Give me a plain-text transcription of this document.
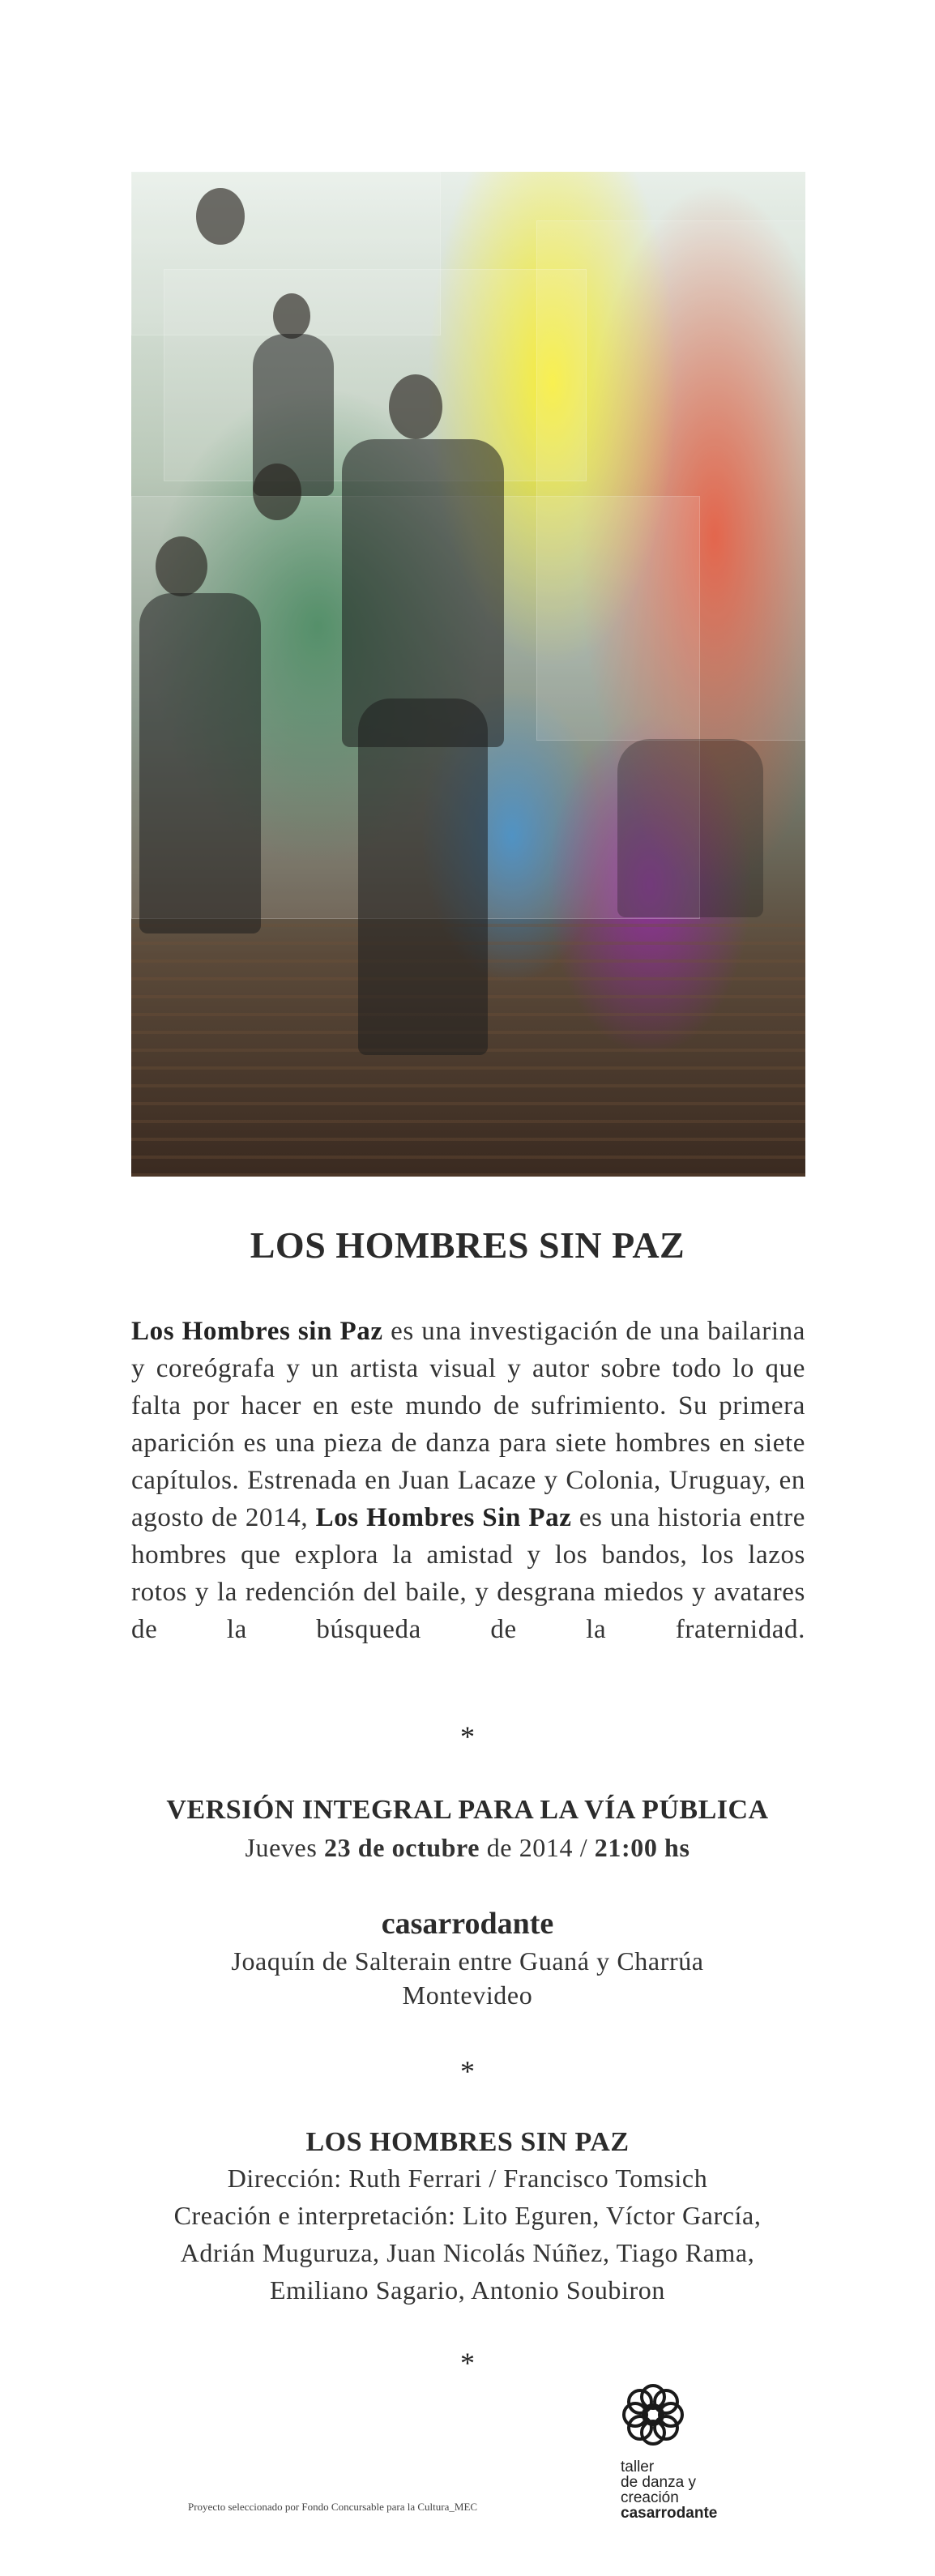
LOS HOMBRES SIN PAZ
Los Hombres sin Paz es una investigación de una bailarina y coreógrafa y un artista visual y autor sobre todo lo que falta por hacer en este mundo de sufrimiento. Su primera aparición es una pieza de danza para siete hombres en siete capítulos. Estrenada en Juan Lacaze y Colonia, Uruguay, en agosto de 2014, Los Hombres Sin Paz es una historia entre hombres que explora la amistad y los bandos, los lazos rotos y la redención del baile, y desgrana miedos y avatares de la búsqueda de la fraternidad.
*
VERSIÓN INTEGRAL PARA LA VÍA PÚBLICA
Jueves 23 de octubre de 2014 / 21:00 hs
casarrodante
Joaquín de Salterain entre Guaná y Charrúa
Montevideo
*
LOS HOMBRES SIN PAZ
Dirección: Ruth Ferrari / Francisco Tomsich
Creación e interpretación: Lito Eguren, Víctor García,
Adrián Muguruza, Juan Nicolás Núñez, Tiago Rama,
Emiliano Sagario, Antonio Soubiron
*
taller
de danza y
creación
casarrodante
Proyecto seleccionado por Fondo Concursable para la Cultura_MEC
